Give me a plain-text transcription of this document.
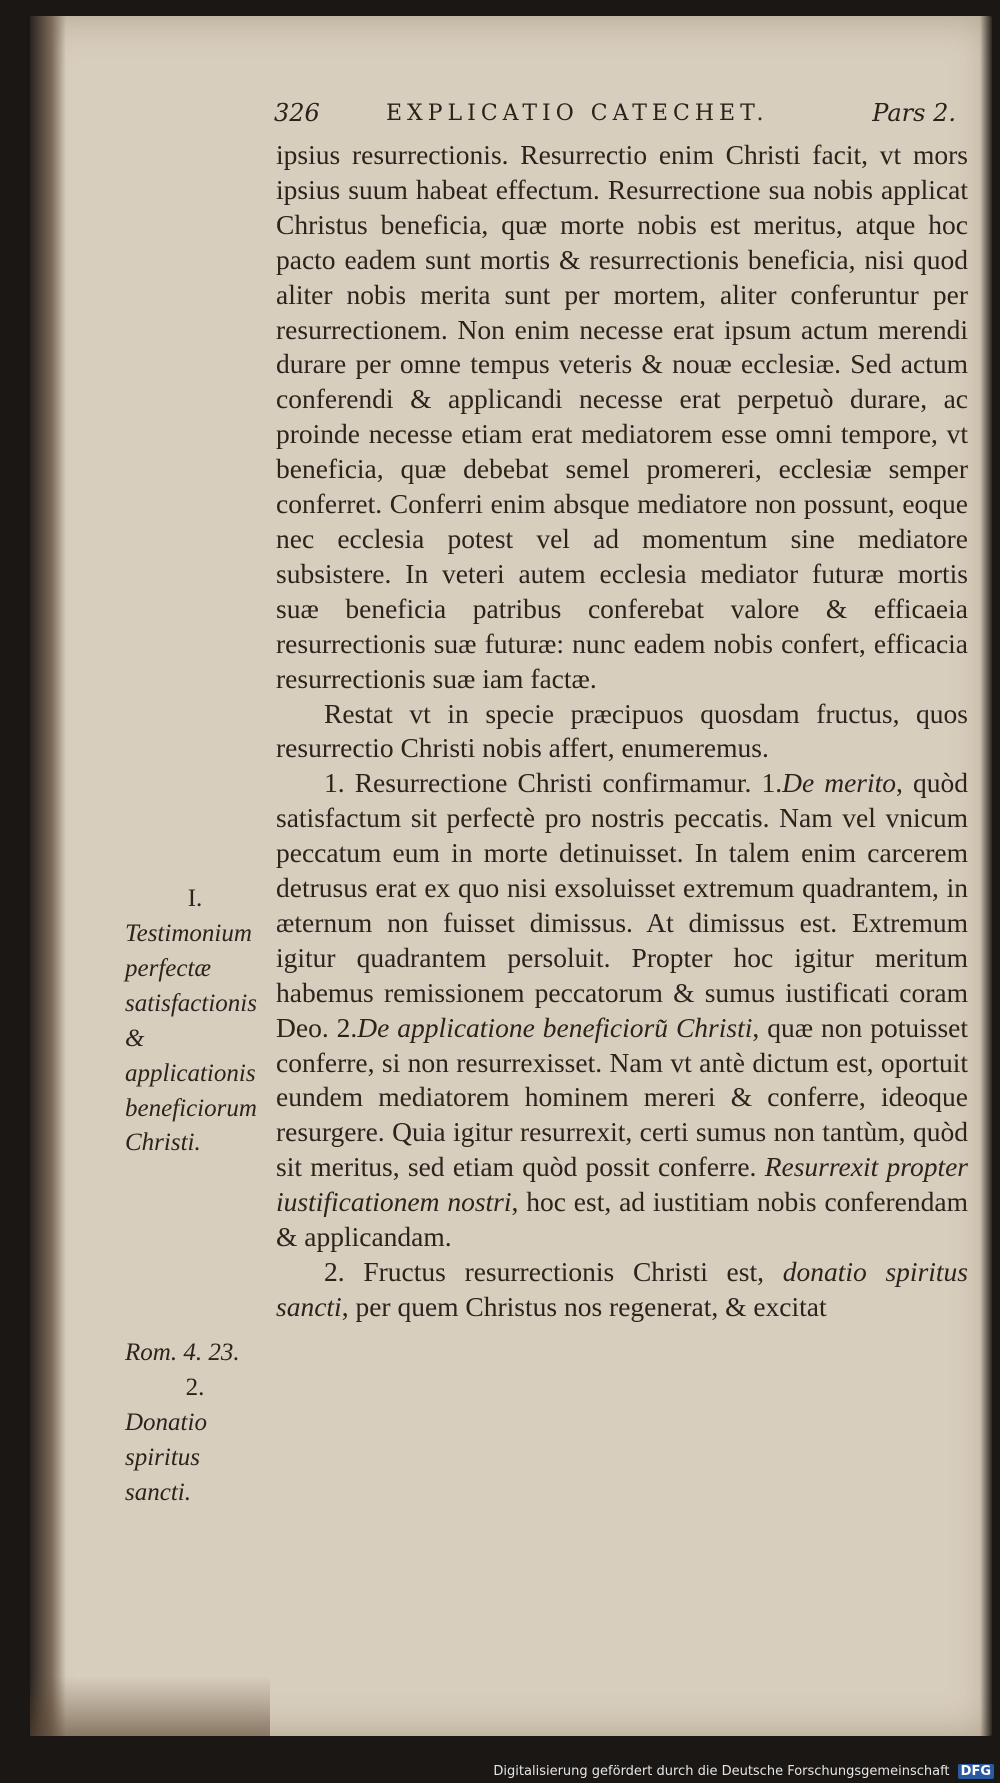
326	EXPLICATIO CATECHET.	Pars 2.

ipsius resurrectionis. Resurrectio enim Christi facit, vt mors ipsius suum habeat effectum. Resurrectione sua nobis applicat Christus beneficia, quæ morte nobis est meritus, atque hoc pacto eadem sunt mortis & resurrectionis beneficia, nisi quod aliter nobis merita sunt per mortem, aliter conferuntur per resurrectionem. Non enim necesse erat ipsum actum merendi durare per omne tempus veteris & nouæ ecclesiæ. Sed actum conferendi & applicandi necesse erat perpetuò durare, ac proinde necesse etiam erat mediatorem esse omni tempore, vt beneficia, quæ debebat semel promereri, ecclesiæ semper conferret. Conferri enim absque mediatore non possunt, eoque nec ecclesia potest vel ad momentum sine mediatore subsistere. In veteri autem ecclesia mediator futuræ mortis suæ beneficia patribus conferebat valore & efficaeia resurrectionis suæ futuræ: nunc eadem nobis confert, efficacia resurrectionis suæ iam factæ.

Restat vt in specie præcipuos quosdam fructus, quos resurrectio Christi nobis affert, enumeremus.

1. Resurrectione Christi confirmamur. 1.De merito, quòd satisfactum sit perfectè pro nostris peccatis. Nam vel vnicum peccatum eum in morte detinuisset. In talem enim carcerem detrusus erat ex quo nisi exsoluisset extremum quadrantem, in æternum non fuisset dimissus. At dimissus est. Extremum igitur quadrantem persoluit. Propter hoc igitur meritum habemus remissionem peccatorum & sumus iustificati coram Deo. 2.De applicatione beneficioru͂ Christi, quæ non potuisset conferre, si non resurrexisset. Nam vt antè dictum est, oportuit eundem mediatorem hominem mereri & conferre, ideoque resurgere. Quia igitur resurrexit, certi sumus non tantùm, quòd sit meritus, sed etiam quòd possit conferre. Resurrexit propter iustificationem nostri, hoc est, ad iustitiam nobis conferendam & applicandam.

2. Fructus resurrectionis Christi est, donatio spiritus sancti, per quem Christus nos regenerat, & excitat

I.
Testimonium perfectæ satisfactionis & applicationis beneficiorum Christi.
Rom. 4. 23.
2.
Donatio spiritus sancti.
Digitalisierung gefördert durch die Deutsche Forschungsgemeinschaft DFG
